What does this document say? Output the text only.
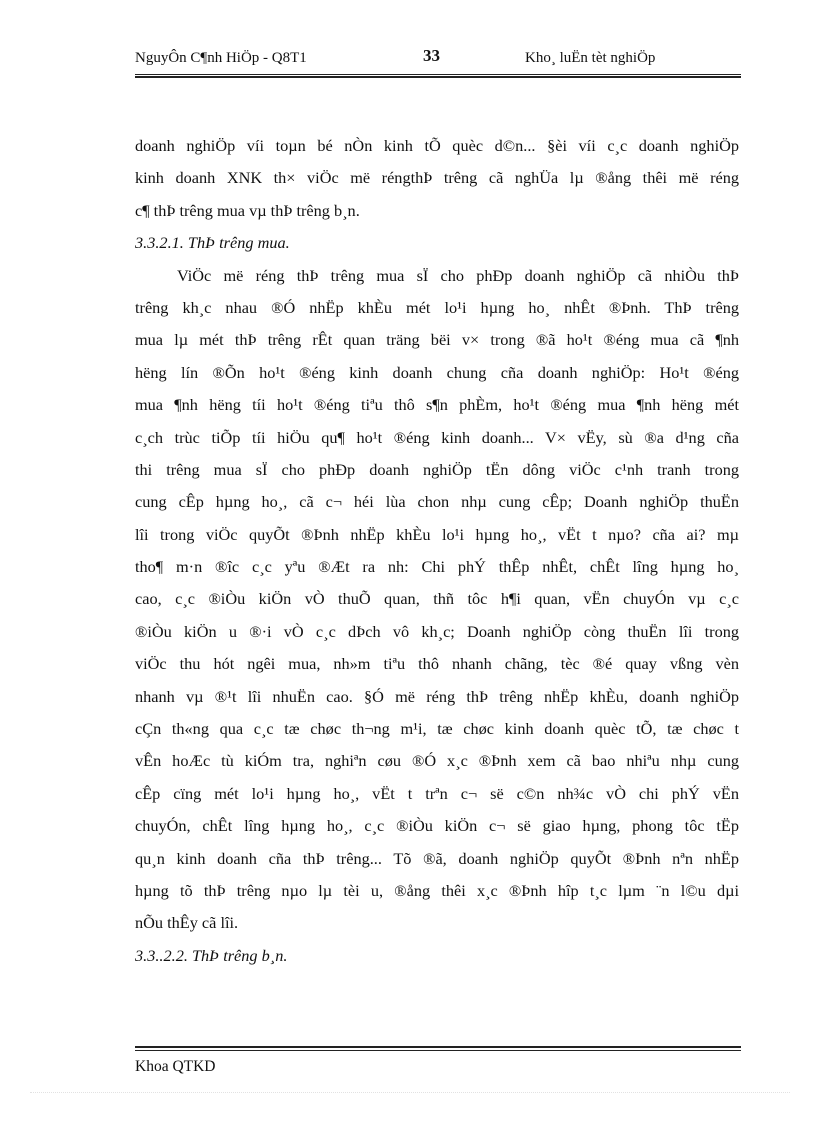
NguyÔn C¶nh HiÖp - Q8T1	33	Kho¸ luËn tèt nghiÖp
doanh nghiÖp víi toµn bé nÒn kinh tÕ quèc d©n... §èi víi c¸c doanh nghiÖp
kinh doanh XNK th× viÖc më réngthÞ trêng cã nghÜa lµ ®ång thêi më réng
c¶ thÞ trêng mua vµ thÞ trêng b¸n.
3.3.2.1. ThÞ trêng mua.
ViÖc më réng thÞ trêng mua sÏ cho phÐp doanh nghiÖp cã nhiÒu thÞ
trêng kh¸c nhau ®Ó nhËp khÈu mét lo¹i hµng ho¸ nhÊt ®Þnh. ThÞ trêng
mua lµ mét thÞ trêng rÊt quan träng bëi v× trong ®ã ho¹t ®éng mua cã ¶nh
hëng lín ®Õn ho¹t ®éng kinh doanh chung cña doanh nghiÖp: Ho¹t ®éng
mua ¶nh hëng tíi ho¹t ®éng tiªu thô s¶n phÈm, ho¹t ®éng mua ¶nh hëng mét
c¸ch trùc tiÕp tíi hiÖu qu¶ ho¹t ®éng kinh doanh... V× vËy, sù ®a d¹ng cña
thi trêng mua sÏ cho phÐp doanh nghiÖp tËn dông viÖc c¹nh tranh trong
cung cÊp hµng ho¸, cã c¬ héi lùa chon nhµ cung cÊp; Doanh nghiÖp thuËn
lîi trong viÖc quyÕt ®Þnh nhËp khÈu lo¹i hµng ho¸, vËt t nµo? cña ai? mµ
tho¶ m·n ®îc c¸c yªu ®Æt ra nh: Chi phÝ thÊp nhÊt, chÊt lîng hµng ho¸
cao, c¸c ®iÒu kiÖn vÒ thuÕ quan, thñ tôc h¶i quan, vËn chuyÓn vµ c¸c
®iÒu kiÖn u ®·i vÒ c¸c dÞch vô kh¸c; Doanh nghiÖp còng thuËn lîi trong
viÖc thu hót ngêi mua, nh»m tiªu thô nhanh chãng, tèc ®é quay vßng vèn
nhanh vµ ®¹t lîi nhuËn cao. §Ó më réng thÞ trêng nhËp khÈu, doanh nghiÖp
cÇn th«ng qua c¸c tæ chøc th¬ng m¹i, tæ chøc kinh doanh quèc tÕ, tæ chøc t
vÊn hoÆc tù kiÓm tra, nghiªn cøu ®Ó x¸c ®Þnh xem cã bao nhiªu nhµ cung
cÊp cïng mét lo¹i hµng ho¸, vËt t trªn c¬ së c©n nh¾c vÒ chi phÝ vËn
chuyÓn, chÊt lîng hµng ho¸, c¸c ®iÒu kiÖn c¬ së giao hµng, phong tôc tËp
qu¸n kinh doanh cña thÞ trêng... Tõ ®ã, doanh nghiÖp quyÕt ®Þnh nªn nhËp
hµng tõ thÞ trêng nµo lµ tèi u, ®ång thêi x¸c ®Þnh hîp t¸c lµm ¨n l©u dµi
nÕu thÊy cã lîi.
3.3..2.2. ThÞ trêng b¸n.
Khoa QTKD
